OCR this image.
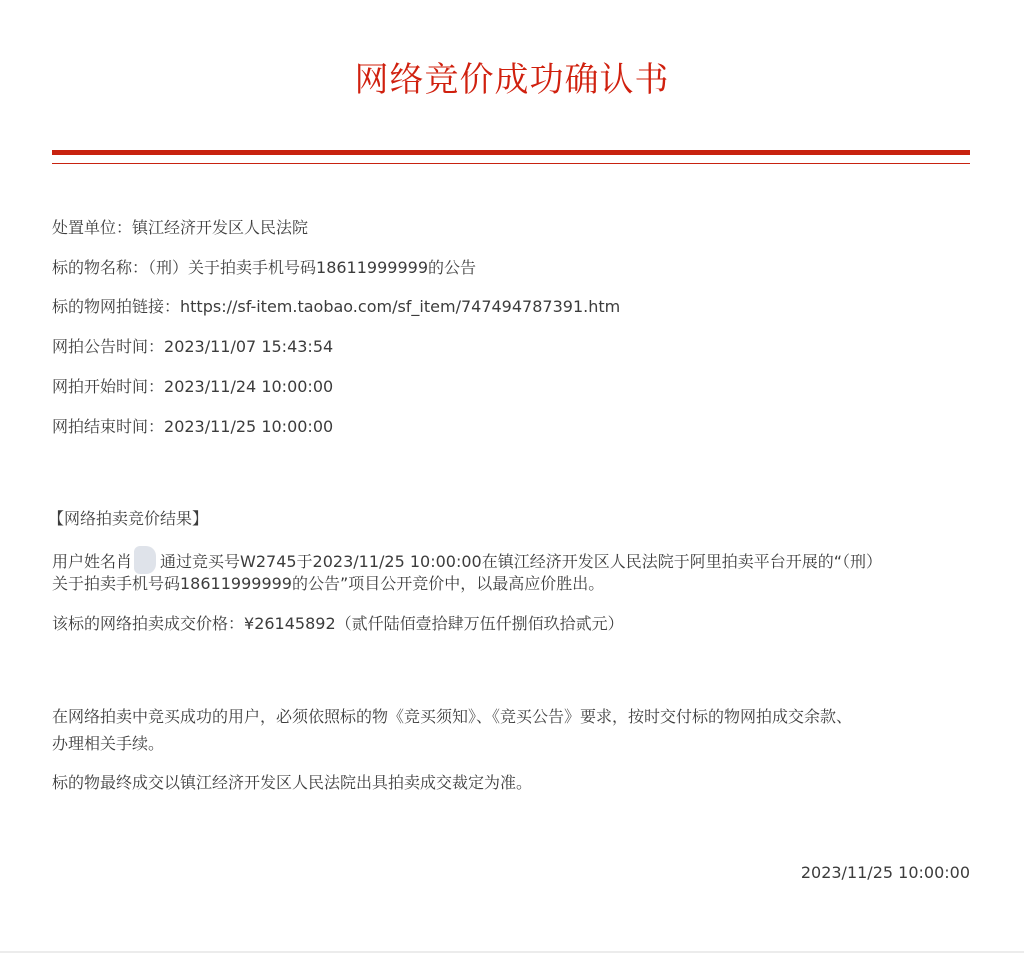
网络竞价成功确认书
处置单位：镇江经济开发区人民法院
标的物名称：（刑）关于拍卖手机号码18611999999的公告
标的物网拍链接：https://sf-item.taobao.com/sf_item/747494787391.htm
网拍公告时间：2023/11/07 15:43:54
网拍开始时间：2023/11/24 10:00:00
网拍结束时间：2023/11/25 10:00:00
【网络拍卖竞价结果】
用户姓名肖 通过竞买号W2745于2023/11/25 10:00:00在镇江经济开发区人民法院于阿里拍卖平台开展的“（刑）
关于拍卖手机号码18611999999的公告”项目公开竞价中，以最高应价胜出。
该标的网络拍卖成交价格：¥26145892（贰仟陆佰壹拾肆万伍仟捌佰玖拾贰元）
在网络拍卖中竞买成功的用户，必须依照标的物《竞买须知》、《竞买公告》要求，按时交付标的物网拍成交余款、
办理相关手续。
标的物最终成交以镇江经济开发区人民法院出具拍卖成交裁定为准。
2023/11/25 10:00:00
